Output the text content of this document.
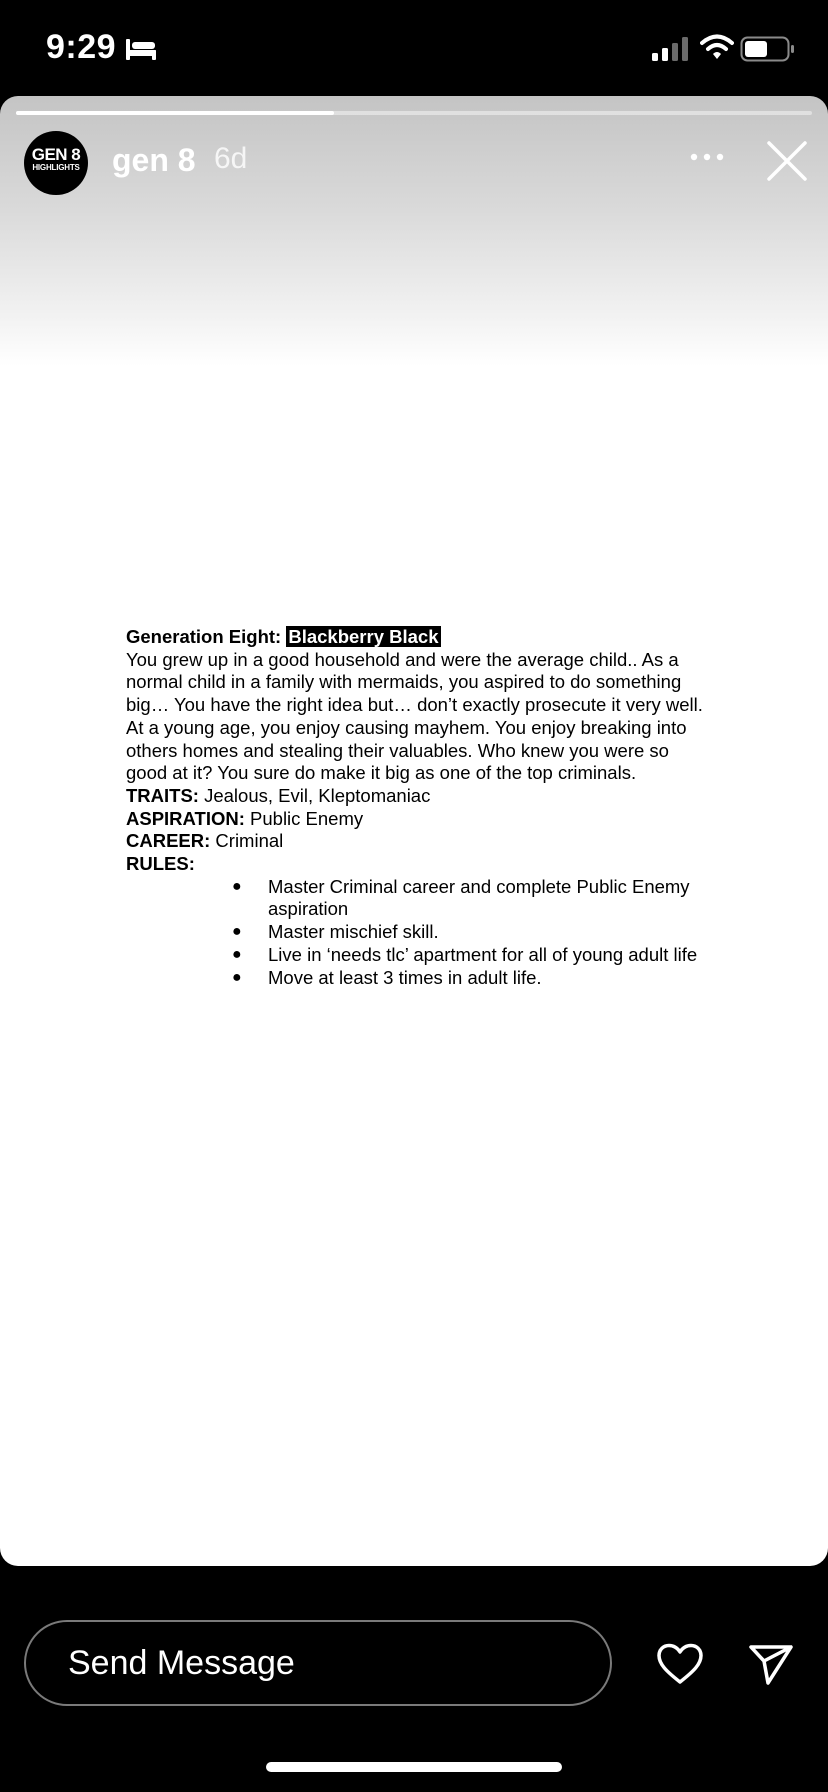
9:29
GEN 8
HIGHLIGHTS gen 8 6d

Generation Eight: Blackberry Black

You grew up in a good household and were the average child.. As a normal child in a family with mermaids, you aspired to do something big… You have the right idea but… don’t exactly prosecute it very well. At a young age, you enjoy causing mayhem. You enjoy breaking into others homes and stealing their valuables. Who knew you were so good at it? You sure do make it big as one of the top criminals.

TRAITS: Jealous, Evil, Kleptomaniac

ASPIRATION: Public Enemy

CAREER: Criminal

RULES:

● Master Criminal career and complete Public Enemy aspiration
● Master mischief skill.
● Live in ‘needs tlc’ apartment for all of young adult life
● Move at least 3 times in adult life.
Send Message
